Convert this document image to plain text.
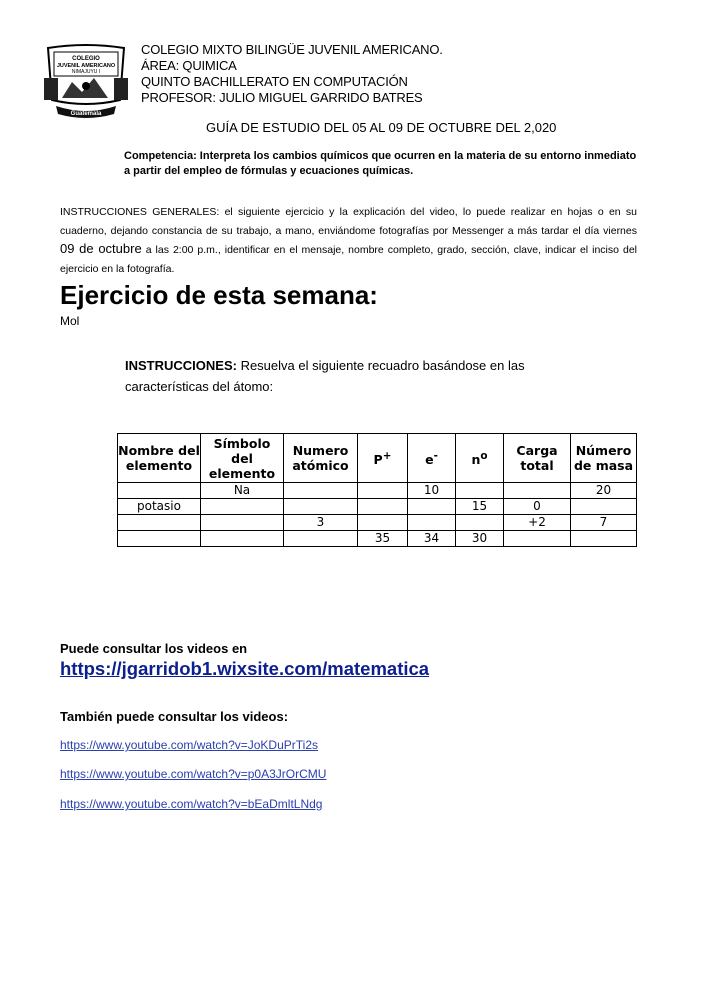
COLEGIO
JUVENIL AMERICANO
NIMAJUYU I
Guatemala
COLEGIO MIXTO BILINGÜE JUVENIL AMERICANO.
ÁREA: QUIMICA
QUINTO BACHILLERATO EN COMPUTACIÓN
PROFESOR: JULIO MIGUEL GARRIDO BATRES
GUÍA DE ESTUDIO DEL 05 AL 09 DE OCTUBRE DEL 2,020
Competencia: Interpreta los cambios químicos que ocurren en la materia de su entorno inmediato a partir del empleo de fórmulas y ecuaciones químicas.
INSTRUCCIONES GENERALES: el siguiente ejercicio y la explicación del video, lo puede realizar en hojas o en su cuaderno, dejando constancia de su trabajo, a mano, enviándome fotografías por Messenger a más tardar el día viernes 09 de octubre a las 2:00 p.m., identificar en el mensaje, nombre completo, grado, sección, clave, indicar el inciso del ejercicio en la fotografía.
Ejercicio de esta semana:
Mol
INSTRUCCIONES: Resuelva el siguiente recuadro basándose en las características del átomo:
Nombre del elemento	Símbolo del elemento	Numero atómico	P+	e-	$n^o$	Carga total	Número de masa
	Na			10			20
potasio					15	0	
		3				+2	7
			35	34	30		
Puede consultar los videos en
https://jgarridob1.wixsite.com/matematica
También puede consultar los videos:
https://www.youtube.com/watch?v=JoKDuPrTi2s
https://www.youtube.com/watch?v=p0A3JrOrCMU
https://www.youtube.com/watch?v=bEaDmltLNdg
